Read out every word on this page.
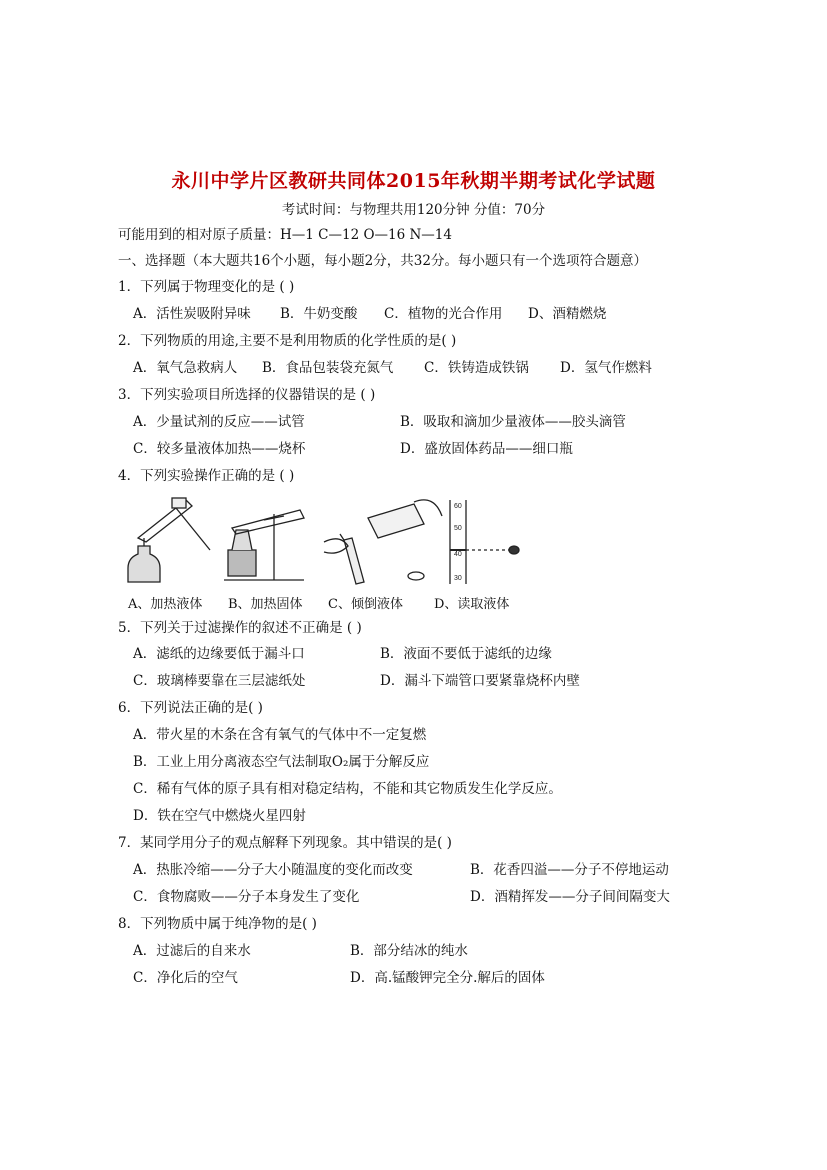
永川中学片区教研共同体2015年秋期半期考试化学试题
考试时间：与物理共用120分钟 分值：70分
可能用到的相对原子质量：H—1 C—12 O—16 N—14
一、选择题（本大题共16个小题，每小题2分，共32分。每小题只有一个选项符合题意）
1．下列属于物理变化的是 ( )
A．活性炭吸附异味 B．牛奶变酸 C．植物的光合作用 D、酒精燃烧
2．下列物质的用途,主要不是利用物质的化学性质的是( )
A．氧气急救病人 B．食品包装袋充氮气 C．铁铸造成铁锅 D．氢气作燃料
3．下列实验项目所选择的仪器错误的是 ( )
A．少量试剂的反应——试管	B．吸取和滴加少量液体——胶头滴管
C．较多量液体加热——烧杯	D．盛放固体药品——细口瓶
4．下列实验操作正确的是 ( )
60
50
40
30
A、加热液体 B、加热固体 C、倾倒液体 D、读取液体
5．下列关于过滤操作的叙述不正确是 ( )
A．滤纸的边缘要低于漏斗口	B．液面不要低于滤纸的边缘
C．玻璃棒要靠在三层滤纸处	D．漏斗下端管口要紧靠烧杯内壁
6．下列说法正确的是( )
A．带火星的木条在含有氧气的气体中不一定复燃
B．工业上用分离液态空气法制取O₂属于分解反应
C．稀有气体的原子具有相对稳定结构，不能和其它物质发生化学反应。
D．铁在空气中燃烧火星四射
7．某同学用分子的观点解释下列现象。其中错误的是( )
A．热胀冷缩——分子大小随温度的变化而改变	B．花香四溢——分子不停地运动
C．食物腐败——分子本身发生了变化	D．酒精挥发——分子间间隔变大
8．下列物质中属于纯净物的是( )
A．过滤后的自来水	B．部分结冰的纯水
C．净化后的空气	D．高.锰酸钾完全分.解后的固体
